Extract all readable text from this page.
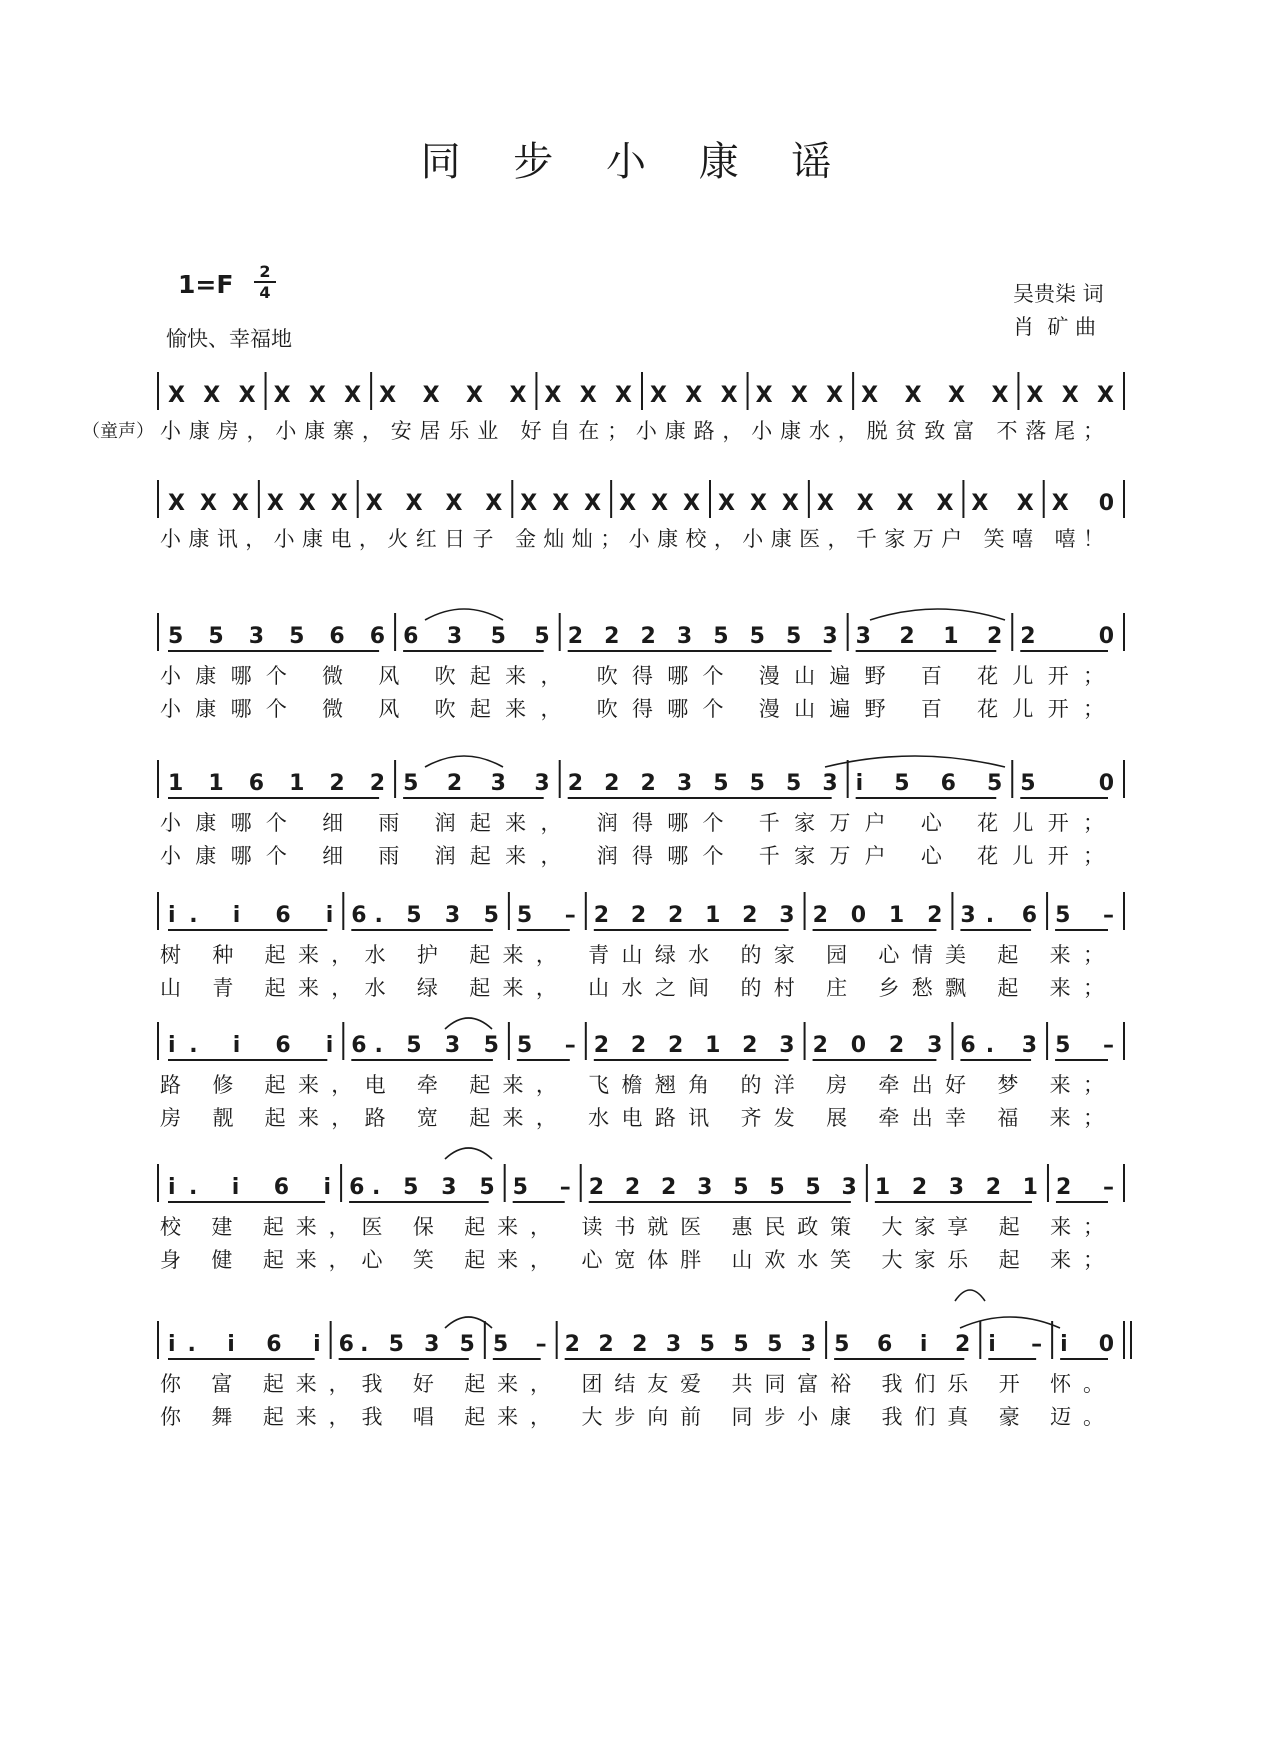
同 步 小 康 谣
1=F	2
4
愉快、幸福地
吴贵柒 词
肖  矿 曲
X X X X X X X X X X X X X X X X X X X X X X X X X X
小康房，小康寨，安居乐业 好自在；小康路，小康水，脱贫致富 不落尾；
X X X X X X X X X X X X X X X X X X X X X X X X X X 0
小康讯，小康电，火红日子 金灿灿；小康校，小康医，千家万户 笑嘻 嘻！
（童声）
5 5 3 5 6 6 6 3 5 5 2 2 2 3 5 5 5 3 3 2 1 2 2 0
小康哪个 微 风 吹起来， 吹得哪个 漫山遍野 百 花儿开；
小康哪个 微 风 吹起来， 吹得哪个 漫山遍野 百 花儿开；
1 1 6 1 2 2 5 2 3 3 2 2 2 3 5 5 5 3 i 5 6 5 5 0
小康哪个 细 雨 润起来， 润得哪个 千家万户 心 花儿开；
小康哪个 细 雨 润起来， 润得哪个 千家万户 心 花儿开；
i. i 6 i 6. 5 3 5 5 – 2 2 2 1 2 3 2 0 1 2 3. 6 5 –
树 种 起来，水 护 起来， 青山绿水 的家 园 心情美 起 来；
山 青 起来，水 绿 起来， 山水之间 的村 庄 乡愁飘 起 来；
i. i 6 i 6. 5 3 5 5 – 2 2 2 1 2 3 2 0 2 3 6. 3 5 –
路 修 起来，电 牵 起来， 飞檐翘角 的洋 房 牵出好 梦 来；
房 靓 起来，路 宽 起来， 水电路讯 齐发 展 牵出幸 福 来；
i. i 6 i 6. 5 3 5 5 – 2 2 2 3 5 5 5 3 1 2 3 2 1 2 –
校 建 起来，医 保 起来， 读书就医 惠民政策 大家享 起 来；
身 健 起来，心 笑 起来， 心宽体胖 山欢水笑 大家乐 起 来；
i. i 6 i 6. 5 3 5 5 – 2 2 2 3 5 5 5 3 5 6 i 2 i – i 0
你 富 起来，我 好 起来， 团结友爱 共同富裕 我们乐 开 怀。
你 舞 起来，我 唱 起来， 大步向前 同步小康 我们真 豪 迈。
